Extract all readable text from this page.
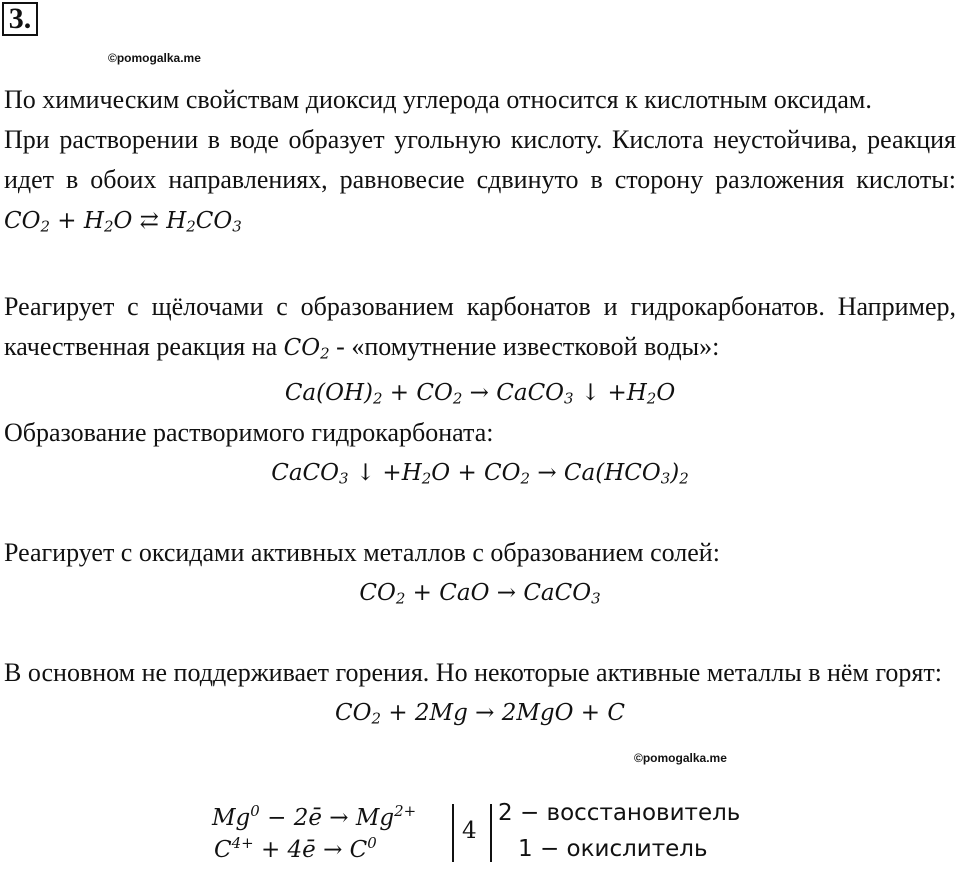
3.
©pomogalka.me
©pomogalka.me
По химическим свойствам диоксид углерода относится к кислотным оксидам.
При растворении в воде образует угольную кислоту. Кислота неустойчива, реакция идет в обоих направлениях, равновесие сдвинуто в сторону разложения кислоты: $CO_2 + H_2O$ ⇄ $H_2CO_3$
Реагирует с щёлочами с образованием карбонатов и гидрокарбонатов. Например, качественная реакция на $CO_2$ - «помутнение известковой воды»:
$Ca(OH)_2 + CO_2$ → CaCO$_3$ ↓ $+H_2O$
Образование растворимого гидрокарбоната:
CaCO$_3$ ↓ $+H_2O + CO_2 \to Ca(HCO_3)_2$
Реагирует с оксидами активных металлов с образованием солей:
$CO_2$ + CaO → CaCO$_3$
В основном не поддерживает горения. Но некоторые активные металлы в нём горят:
$CO_2 + 2Mg \to 2MgO + C$
$Mg^0$ − 2ē → $Mg^{2+}$
$C^{4+}$ + 4ē → $C^0$	4
2 − восстановитель
1 − окислитель
